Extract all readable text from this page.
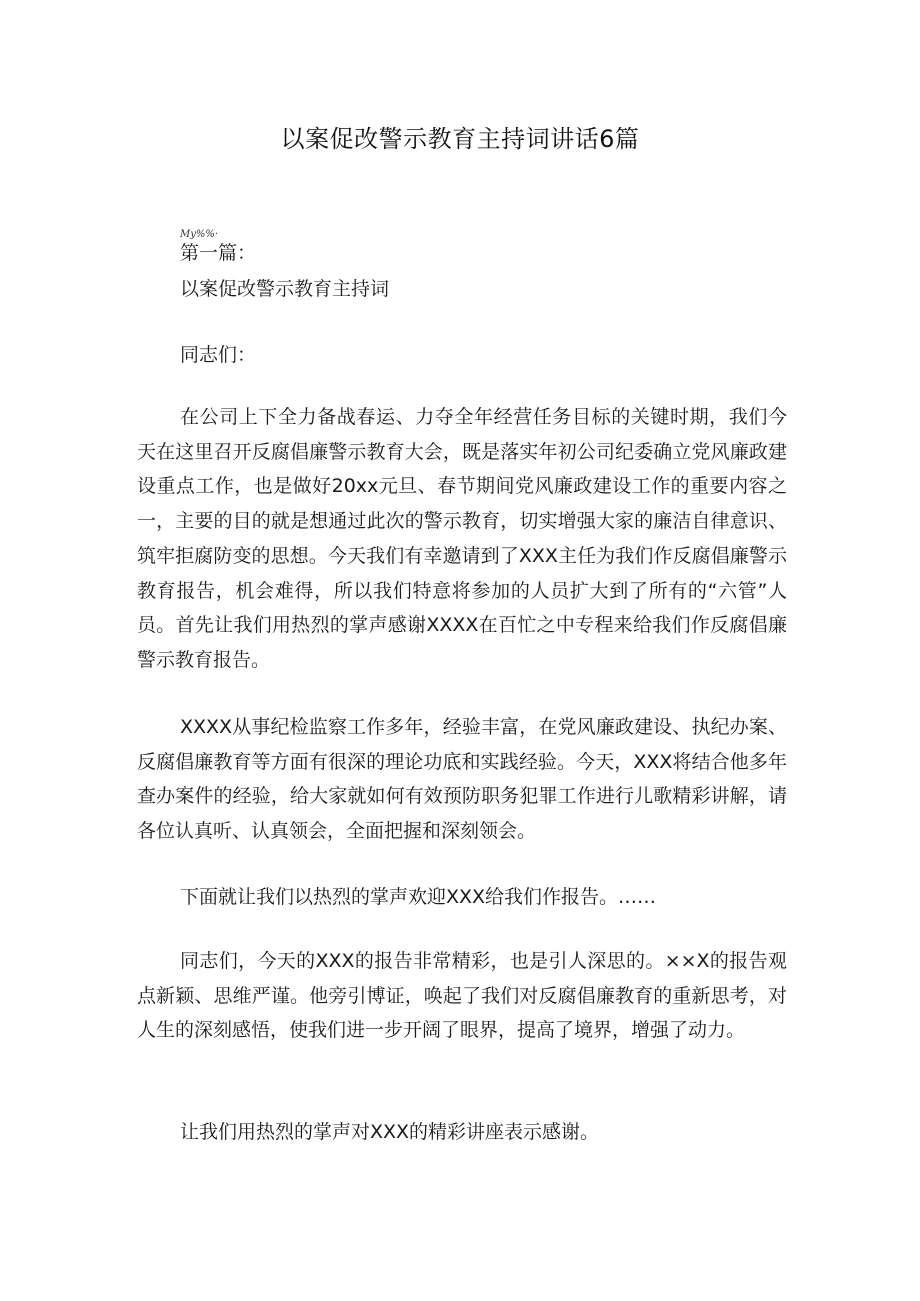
以案促改警示教育主持词讲话6篇
My%%·

第一篇：

以案促改警示教育主持词

同志们：

在公司上下全力备战春运、力夺全年经营任务目标的关键时期，我们今天在这里召开反腐倡廉警示教育大会，既是落实年初公司纪委确立党风廉政建设重点工作，也是做好20xx元旦、春节期间党风廉政建设工作的重要内容之一，主要的目的就是想通过此次的警示教育，切实增强大家的廉洁自律意识、筑牢拒腐防变的思想。今天我们有幸邀请到了XXX主任为我们作反腐倡廉警示教育报告，机会难得，所以我们特意将参加的人员扩大到了所有的“六管”人员。首先让我们用热烈的掌声感谢XXXX在百忙之中专程来给我们作反腐倡廉警示教育报告。

XXXX从事纪检监察工作多年，经验丰富，在党风廉政建设、执纪办案、反腐倡廉教育等方面有很深的理论功底和实践经验。今天，XXX将结合他多年查办案件的经验，给大家就如何有效预防职务犯罪工作进行儿歌精彩讲解，请各位认真听、认真领会，全面把握和深刻领会。

下面就让我们以热烈的掌声欢迎XXX给我们作报告。……

同志们，今天的XXX的报告非常精彩，也是引人深思的。××X的报告观点新颖、思维严谨。他旁引博证，唤起了我们对反腐倡廉教育的重新思考，对人生的深刻感悟，使我们进一步开阔了眼界，提高了境界，增强了动力。

让我们用热烈的掌声对XXX的精彩讲座表示感谢。
